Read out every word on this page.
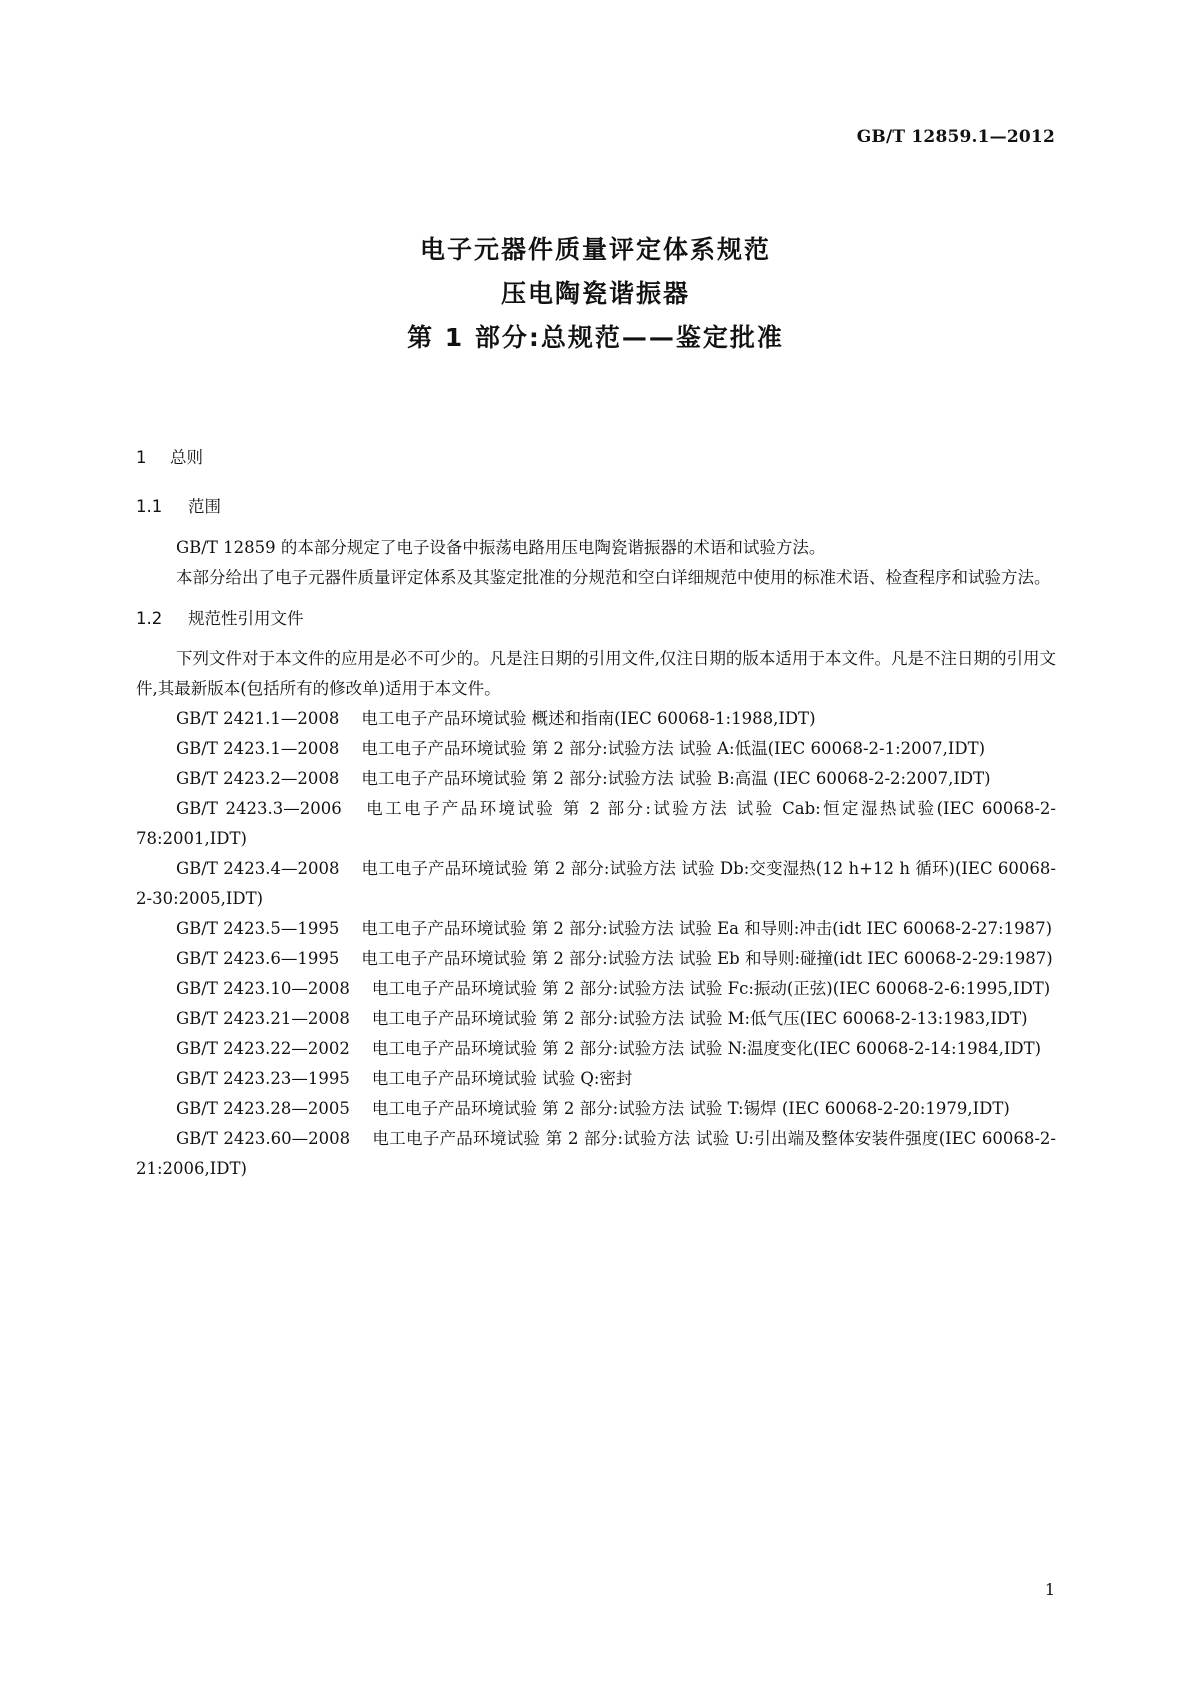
GB/T 12859.1—2012
电子元器件质量评定体系规范
压电陶瓷谐振器
第 1 部分:总规范——鉴定批准
1 总则
1.1 范围

GB/T 12859 的本部分规定了电子设备中振荡电路用压电陶瓷谐振器的术语和试验方法。

本部分给出了电子元器件质量评定体系及其鉴定批准的分规范和空白详细规范中使用的标准术语、检查程序和试验方法。

1.2 规范性引用文件

下列文件对于本文件的应用是必不可少的。凡是注日期的引用文件,仅注日期的版本适用于本文件。凡是不注日期的引用文件,其最新版本(包括所有的修改单)适用于本文件。

GB/T 2421.1—2008 电工电子产品环境试验 概述和指南(IEC 60068-1:1988,IDT)

GB/T 2423.1—2008 电工电子产品环境试验 第 2 部分:试验方法 试验 A:低温(IEC 60068-2-1:2007,IDT)

GB/T 2423.2—2008 电工电子产品环境试验 第 2 部分:试验方法 试验 B:高温 (IEC 60068-2-2:2007,IDT)

GB/T 2423.3—2006 电工电子产品环境试验 第 2 部分:试验方法 试验 Cab:恒定湿热试验(IEC 60068-2-78:2001,IDT)

GB/T 2423.4—2008 电工电子产品环境试验 第 2 部分:试验方法 试验 Db:交变湿热(12 h+12 h 循环)(IEC 60068-2-30:2005,IDT)

GB/T 2423.5—1995 电工电子产品环境试验 第 2 部分:试验方法 试验 Ea 和导则:冲击(idt IEC 60068-2-27:1987)

GB/T 2423.6—1995 电工电子产品环境试验 第 2 部分:试验方法 试验 Eb 和导则:碰撞(idt IEC 60068-2-29:1987)

GB/T 2423.10—2008 电工电子产品环境试验 第 2 部分:试验方法 试验 Fc:振动(正弦)(IEC 60068-2-6:1995,IDT)

GB/T 2423.21—2008 电工电子产品环境试验 第 2 部分:试验方法 试验 M:低气压(IEC 60068-2-13:1983,IDT)

GB/T 2423.22—2002 电工电子产品环境试验 第 2 部分:试验方法 试验 N:温度变化(IEC 60068-2-14:1984,IDT)

GB/T 2423.23—1995 电工电子产品环境试验 试验 Q:密封

GB/T 2423.28—2005 电工电子产品环境试验 第 2 部分:试验方法 试验 T:锡焊 (IEC 60068-2-20:1979,IDT)

GB/T 2423.60—2008 电工电子产品环境试验 第 2 部分:试验方法 试验 U:引出端及整体安装件强度(IEC 60068-2-21:2006,IDT)

1
